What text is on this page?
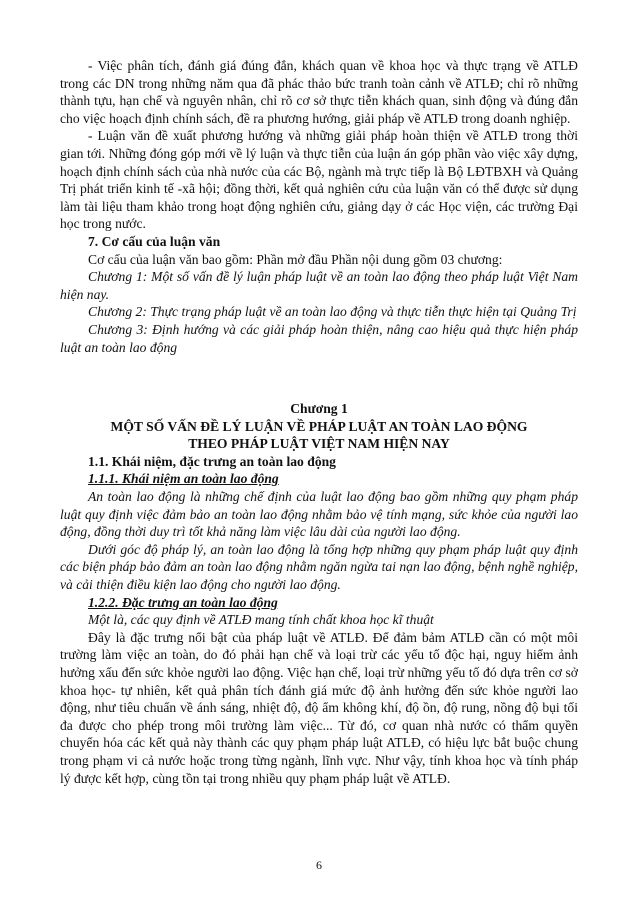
- Việc phân tích, đánh giá đúng đắn, khách quan về khoa học và thực trạng về ATLĐ trong các DN trong những năm qua đã phác thảo bức tranh toàn cảnh về ATLĐ; chỉ rõ những thành tựu, hạn chế và nguyên nhân, chỉ rõ cơ sở thực tiễn khách quan, sinh động và đúng đắn cho việc hoạch định chính sách, đề ra phương hướng, giải pháp về ATLĐ trong doanh nghiệp.

- Luận văn đề xuất phương hướng và những giải pháp hoàn thiện về ATLĐ trong thời gian tới. Những đóng góp mới về lý luận và thực tiễn của luận án góp phần vào việc xây dựng, hoạch định chính sách của nhà nước của các Bộ, ngành mà trực tiếp là Bộ LĐTBXH và Quảng Trị phát triển kinh tế -xã hội; đồng thời, kết quả nghiên cứu của luận văn có thể được sử dụng làm tài liệu tham khảo trong hoạt động nghiên cứu, giảng dạy ở các Học viện, các trường Đại học trong nước.

7. Cơ cấu của luận văn

Cơ cấu của luận văn bao gồm: Phần mở đầu Phần nội dung gồm 03 chương:

Chương 1: Một số vấn đề lý luận pháp luật về an toàn lao động theo pháp luật Việt Nam hiện nay.

Chương 2: Thực trạng pháp luật về an toàn lao động và thực tiễn thực hiện tại Quảng Trị

Chương 3: Định hướng và các giải pháp hoàn thiện, nâng cao hiệu quả thực hiện pháp luật an toàn lao động

Chương 1

MỘT SỐ VẤN ĐỀ LÝ LUẬN VỀ PHÁP LUẬT AN TOÀN LAO ĐỘNG

THEO PHÁP LUẬT VIỆT NAM HIỆN NAY

1.1. Khái niệm, đặc trưng an toàn lao động

1.1.1. Khái niệm an toàn lao động

An toàn lao động là những chế định của luật lao động bao gồm những quy phạm pháp luật quy định việc đảm bảo an toàn lao động nhằm bảo vệ tính mạng, sức khỏe của người lao động, đồng thời duy trì tốt khả năng làm việc lâu dài của người lao động.

Dưới góc độ pháp lý, an toàn lao động là tổng hợp những quy phạm pháp luật quy định các biện pháp bảo đảm an toàn lao động nhằm ngăn ngừa tai nạn lao động, bệnh nghề nghiệp, và cải thiện điều kiện lao động cho người lao động.

1.2.2. Đặc trưng an toàn lao động

Một là, các quy định về ATLĐ mang tính chất khoa học kĩ thuật

Đây là đặc trưng nổi bật của pháp luật về ATLĐ. Để đảm bảm ATLĐ cần có một môi trường làm việc an toàn, do đó phải hạn chế và loại trừ các yếu tố độc hại, nguy hiểm ảnh hưởng xấu đến sức khỏe người lao động. Việc hạn chế, loại trừ những yếu tố đó dựa trên cơ sở khoa học- tự nhiên, kết quả phân tích đánh giá mức độ ảnh hưởng đến sức khỏe người lao động, như tiêu chuẩn về ánh sáng, nhiệt độ, độ ẩm không khí, độ ồn, độ rung, nồng độ bụi tối đa được cho phép trong môi trường làm việc... Từ đó, cơ quan nhà nước có thẩm quyền chuyển hóa các kết quả này thành các quy phạm pháp luật ATLĐ, có hiệu lực bắt buộc chung trong phạm vi cả nước hoặc trong từng ngành, lĩnh vực. Như vậy, tính khoa học và tính pháp lý được kết hợp, cùng tồn tại trong nhiều quy phạm pháp luật về ATLĐ.

6
